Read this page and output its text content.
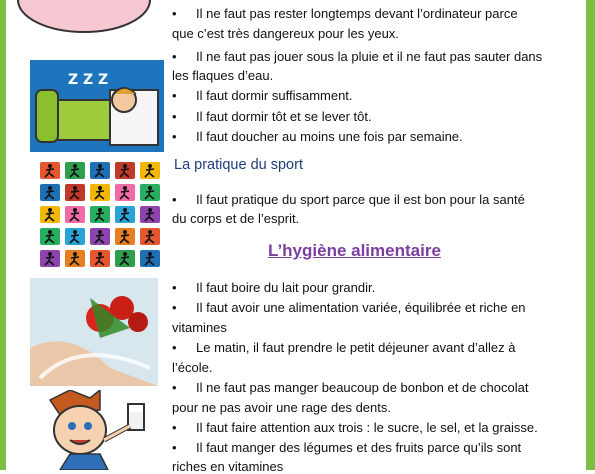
Z Z Z
• Il ne faut pas rester longtemps devant l’ordinateur parce
que c’est très dangereux pour les yeux.
• Il ne faut pas jouer sous la pluie et il ne faut pas sauter dans
les flaques d’eau.
• Il faut dormir suffisamment.
• Il faut dormir tôt et se lever tôt.
• Il faut doucher au moins une fois par semaine.
La pratique du sport
• Il faut pratique du sport parce que il est bon pour la santé
du corps et de l’esprit.
L’hygiène alimentaire
• Il faut boire du lait pour grandir.
• Il faut avoir une alimentation variée, équilibrée et riche en
vitamines
• Le matin, il faut prendre le petit déjeuner avant d’allez à
l’école.
• Il ne faut pas manger beaucoup de bonbon et de chocolat
pour ne pas avoir une rage des dents.
• Il faut faire attention aux trois : le sucre, le sel, et la graisse.
• Il faut manger des légumes et des fruits parce qu’ils sont
riches en vitamines
